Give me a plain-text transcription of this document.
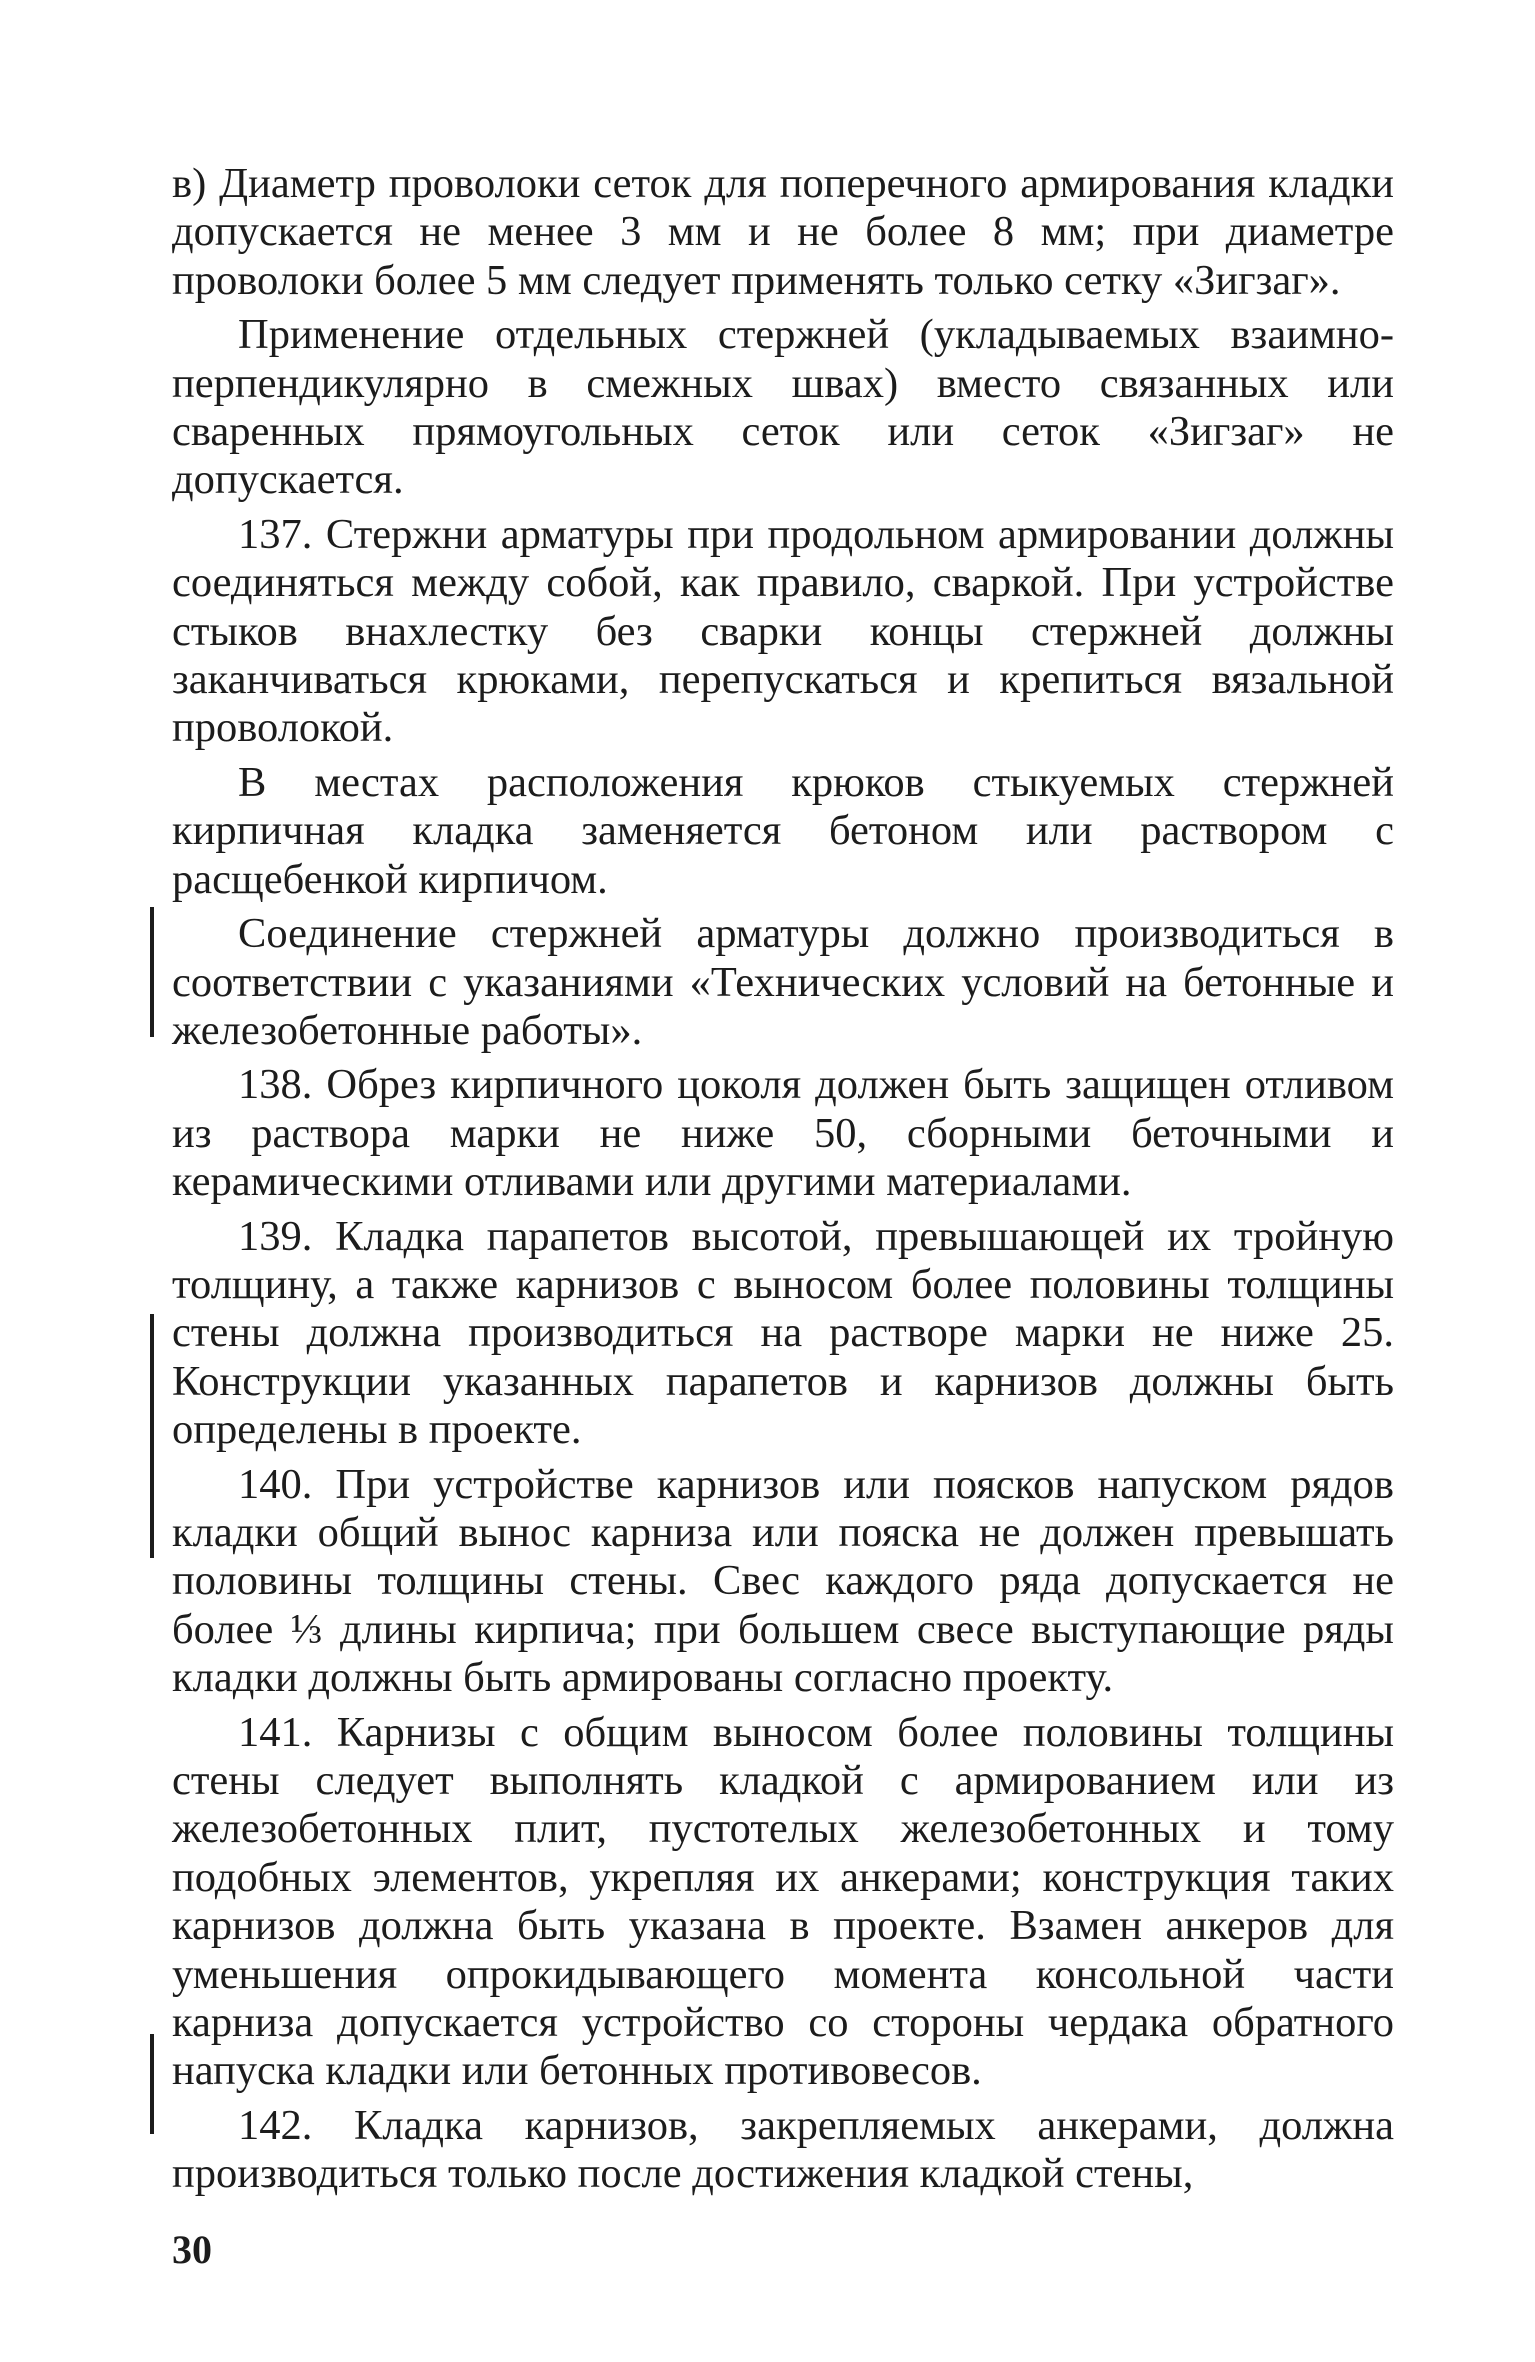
в) Диаметр проволоки сеток для поперечного армирования кладки допускается не менее 3 мм и не более 8 мм; при диаметре проволоки более 5 мм следует применять только сетку «Зигзаг».

Применение отдельных стержней (укладываемых взаимно-перпендикулярно в смежных швах) вместо связанных или сваренных прямоугольных сеток или сеток «Зигзаг» не допускается.

137. Стержни арматуры при продольном армировании должны соединяться между собой, как правило, сваркой. При устройстве стыков внахлестку без сварки концы стержней должны заканчиваться крюками, перепускаться и крепиться вязальной проволокой.

В местах расположения крюков стыкуемых стержней кирпичная кладка заменяется бетоном или раствором с расщебенкой кирпичом.

Соединение стержней арматуры должно производиться в соответствии с указаниями «Технических условий на бетонные и железобетонные работы».

138. Обрез кирпичного цоколя должен быть защищен отливом из раствора марки не ниже 50, сборными беточными и керамическими отливами или другими материалами.

139. Кладка парапетов высотой, превышающей их тройную толщину, а также карнизов с выносом более половины толщины стены должна производиться на растворе марки не ниже 25. Конструкции указанных парапетов и карнизов должны быть определены в проекте.

140. При устройстве карнизов или поясков напуском рядов кладки общий вынос карниза или пояска не должен превышать половины толщины стены. Свес каждого ряда допускается не более ⅓ длины кирпича; при большем свесе выступающие ряды кладки должны быть армированы согласно проекту.

141. Карнизы с общим выносом более половины толщины стены следует выполнять кладкой с армированием или из железобетонных плит, пустотелых железобетонных и тому подобных элементов, укрепляя их анкерами; конструкция таких карнизов должна быть указана в проекте. Взамен анкеров для уменьшения опрокидывающего момента консольной части карниза допускается устройство со стороны чердака обратного напуска кладки или бетонных противовесов.

142. Кладка карнизов, закрепляемых анкерами, должна производиться только после достижения кладкой стены,

30
